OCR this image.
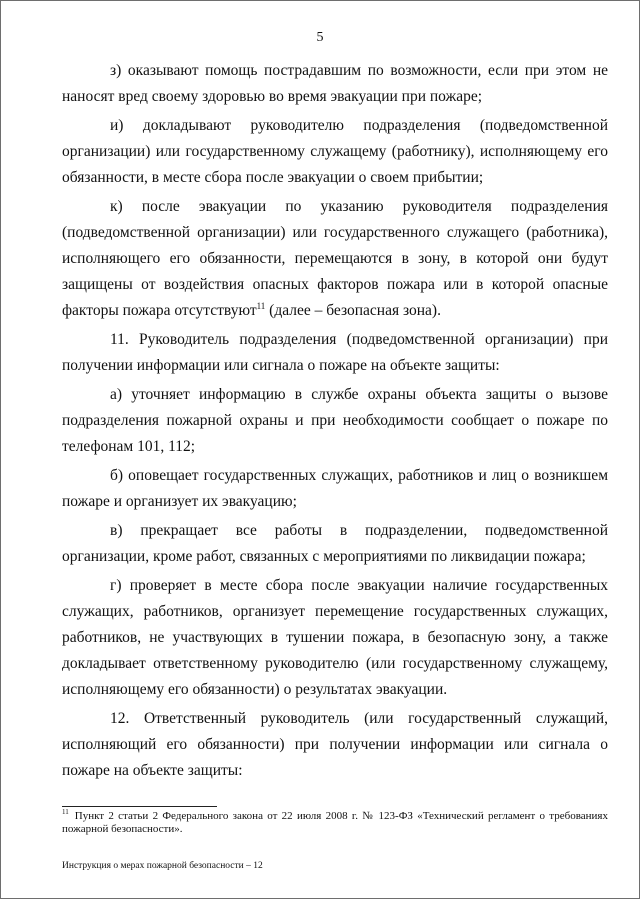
5

з) оказывают помощь пострадавшим по возможности, если при этом не наносят вред своему здоровью во время эвакуации при пожаре;

и) докладывают руководителю подразделения (подведомственной организации) или государственному служащему (работнику), исполняющему его обязанности, в месте сбора после эвакуации о своем прибытии;

к) после эвакуации по указанию руководителя подразделения (подведомственной организации) или государственного служащего (работника), исполняющего его обязанности, перемещаются в зону, в которой они будут защищены от воздействия опасных факторов пожара или в которой опасные факторы пожара отсутствуют$^{11}$ (далее – безопасная зона).

11. Руководитель подразделения (подведомственной организации) при получении информации или сигнала о пожаре на объекте защиты:

а) уточняет информацию в службе охраны объекта защиты о вызове подразделения пожарной охраны и при необходимости сообщает о пожаре по телефонам 101, 112;

б) оповещает государственных служащих, работников и лиц о возникшем пожаре и организует их эвакуацию;

в) прекращает все работы в подразделении, подведомственной организации, кроме работ, связанных с мероприятиями по ликвидации пожара;

г) проверяет в месте сбора после эвакуации наличие государственных служащих, работников, организует перемещение государственных служащих, работников, не участвующих в тушении пожара, в безопасную зону, а также докладывает ответственному руководителю (или государственному служащему, исполняющему его обязанности) о результатах эвакуации.

12. Ответственный руководитель (или государственный служащий, исполняющий его обязанности) при получении информации или сигнала о пожаре на объекте защиты:

$^{11}$ Пункт 2 статьи 2 Федерального закона от 22 июля 2008 г. № 123-ФЗ «Технический регламент о требованиях пожарной безопасности».
Инструкция о мерах пожарной безопасности – 12
